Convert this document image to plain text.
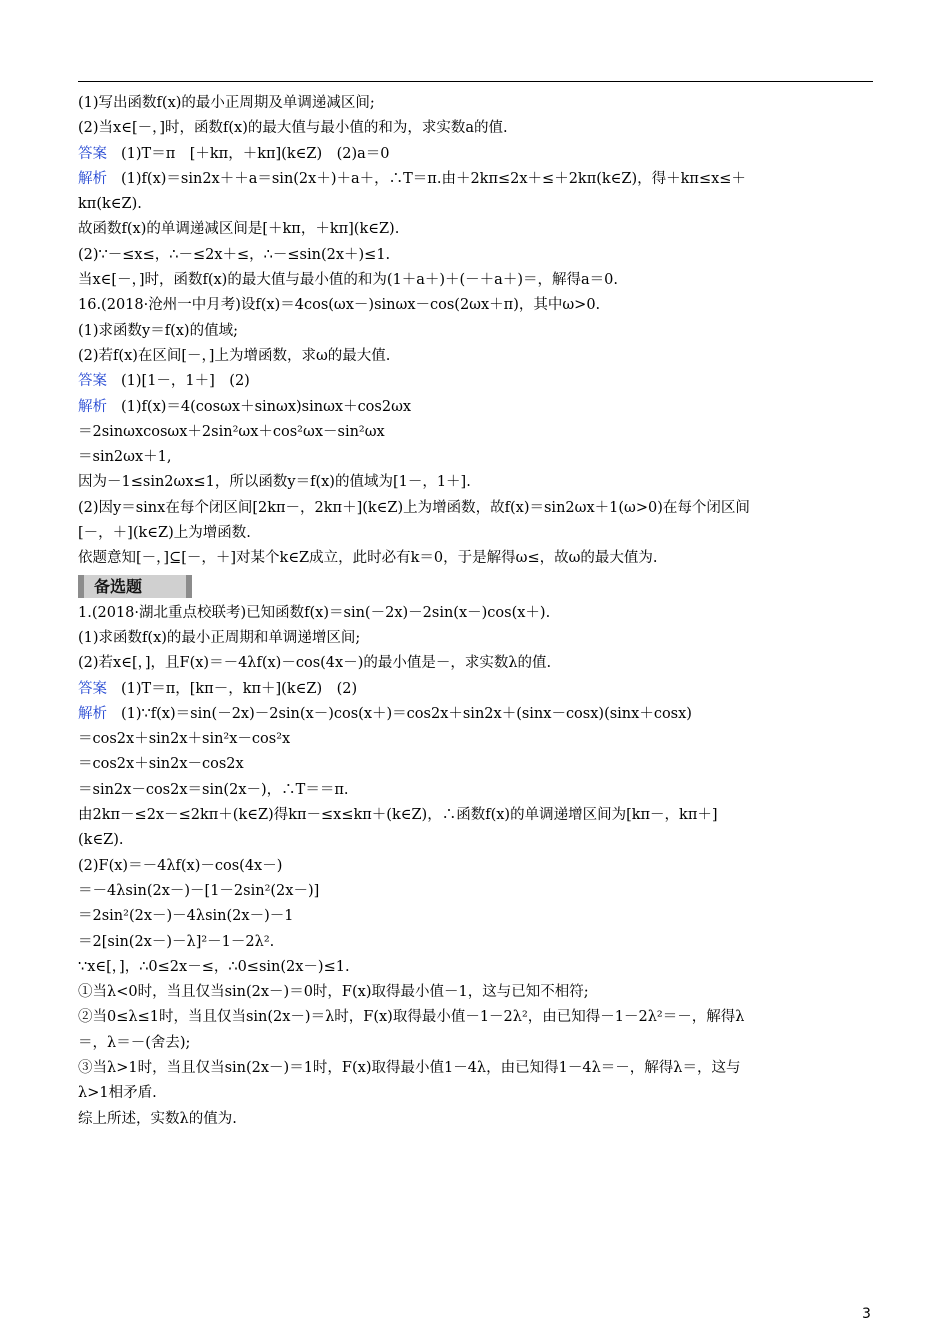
(1)写出函数f(x)的最小正周期及单调递减区间;
(2)当x∈[－，]时，函数f(x)的最大值与最小值的和为，求实数a的值.
答案 (1)T＝π　[＋kπ，＋kπ](k∈Z)　(2)a＝0
解析 (1)f(x)＝sin2x＋＋a＝sin(2x＋)＋a＋，∴T＝π.由＋2kπ≤2x＋≤＋2kπ(k∈Z)，得＋kπ≤x≤＋
kπ(k∈Z).
故函数f(x)的单调递减区间是[＋kπ，＋kπ](k∈Z).
(2)∵－≤x≤，∴－≤2x＋≤，∴－≤sin(2x＋)≤1.
当x∈[－，]时，函数f(x)的最大值与最小值的和为(1＋a＋)＋(－＋a＋)＝，解得a＝0.
16.(2018·沧州一中月考)设f(x)＝4cos(ωx－)sinωx－cos(2ωx＋π)，其中ω>0.
(1)求函数y＝f(x)的值域;
(2)若f(x)在区间[－，]上为增函数，求ω的最大值.
答案 (1)[1－，1＋]　(2)
解析 (1)f(x)＝4(cosωx＋sinωx)sinωx＋cos2ωx
＝2sinωxcosωx＋2sin²ωx＋cos²ωx－sin²ωx
＝sin2ωx＋1,
因为－1≤sin2ωx≤1，所以函数y＝f(x)的值域为[1－，1＋].
(2)因y＝sinx在每个闭区间[2kπ－，2kπ＋](k∈Z)上为增函数，故f(x)＝sin2ωx＋1(ω>0)在每个闭区间
[－，＋](k∈Z)上为增函数.
依题意知[－，]⊆[－，＋]对某个k∈Z成立，此时必有k＝0，于是解得ω≤，故ω的最大值为.
备选题
1.(2018·湖北重点校联考)已知函数f(x)＝sin(－2x)－2sin(x－)cos(x＋).
(1)求函数f(x)的最小正周期和单调递增区间;
(2)若x∈[，]，且F(x)＝－4λf(x)－cos(4x－)的最小值是－，求实数λ的值.
答案 (1)T＝π，[kπ－，kπ＋](k∈Z)　(2)
解析 (1)∵f(x)＝sin(－2x)－2sin(x－)cos(x＋)＝cos2x＋sin2x＋(sinx－cosx)(sinx＋cosx)
＝cos2x＋sin2x＋sin²x－cos²x
＝cos2x＋sin2x－cos2x
＝sin2x－cos2x＝sin(2x－)，∴T＝＝π.
由2kπ－≤2x－≤2kπ＋(k∈Z)得kπ－≤x≤kπ＋(k∈Z)，∴函数f(x)的单调递增区间为[kπ－，kπ＋]
(k∈Z).
(2)F(x)＝－4λf(x)－cos(4x－)
＝－4λsin(2x－)－[1－2sin²(2x－)]
＝2sin²(2x－)－4λsin(2x－)－1
＝2[sin(2x－)－λ]²－1－2λ².
∵x∈[，]，∴0≤2x－≤，∴0≤sin(2x－)≤1.
①当λ<0时，当且仅当sin(2x－)＝0时，F(x)取得最小值－1，这与已知不相符;
②当0≤λ≤1时，当且仅当sin(2x－)＝λ时，F(x)取得最小值－1－2λ²，由已知得－1－2λ²＝－，解得λ
＝，λ＝－(舍去);
③当λ>1时，当且仅当sin(2x－)＝1时，F(x)取得最小值1－4λ，由已知得1－4λ＝－，解得λ＝，这与
λ>1相矛盾.
综上所述，实数λ的值为.
3
